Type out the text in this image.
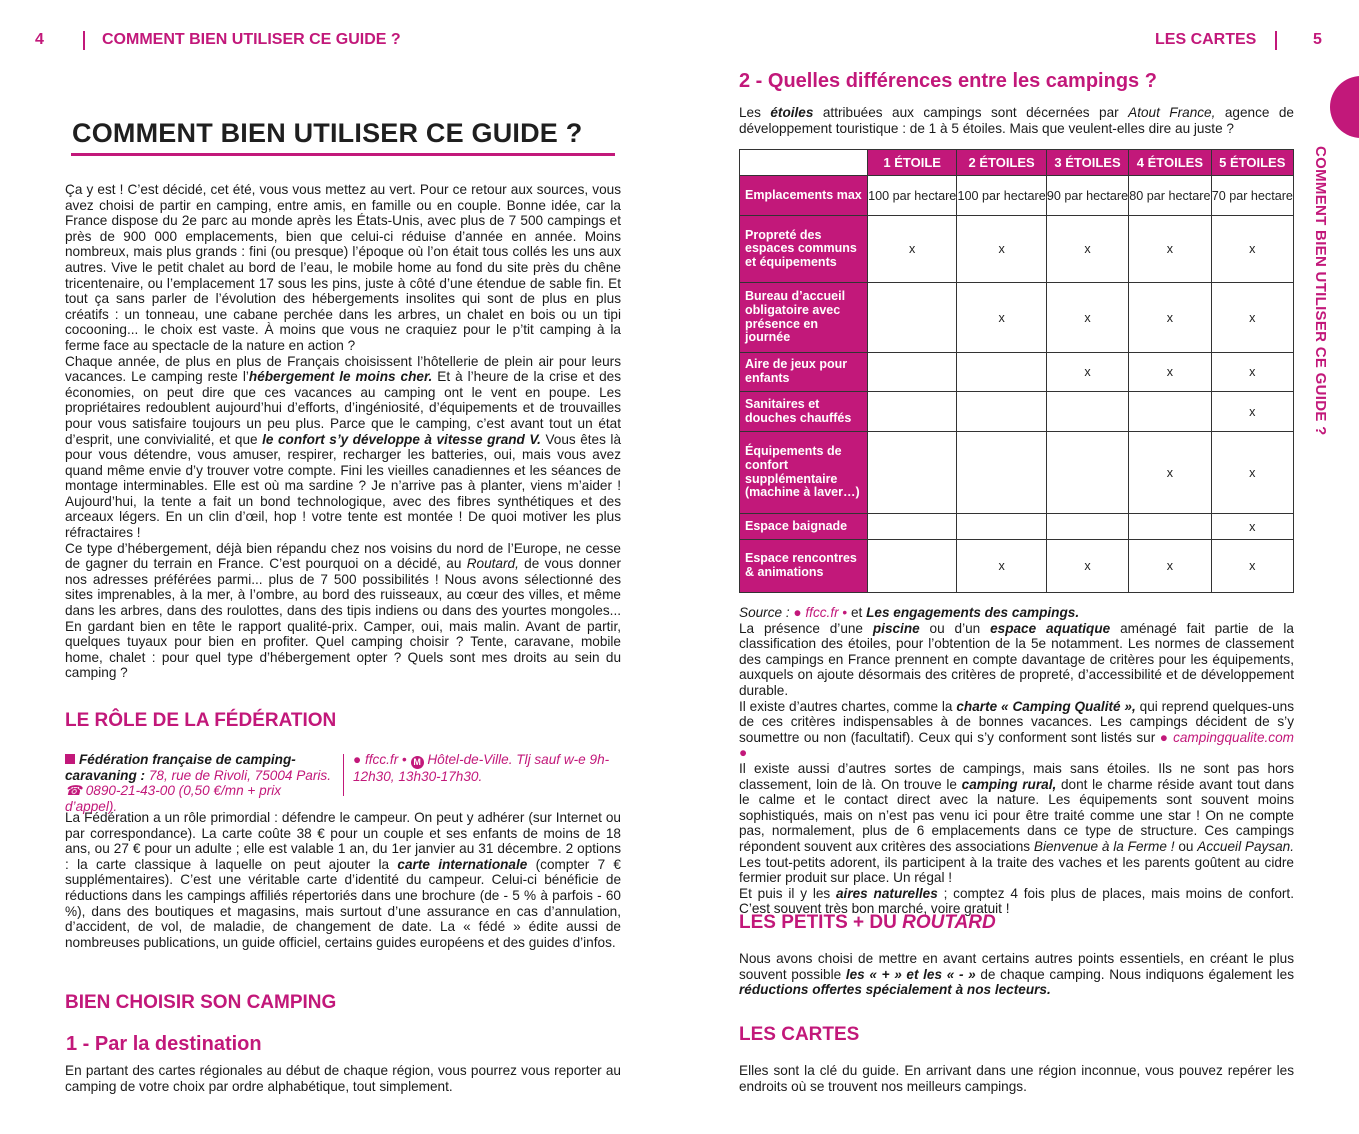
4	COMMENT BIEN UTILISER CE GUIDE ?	LES CARTES	5
COMMENT BIEN UTILISER CE GUIDE ?
COMMENT BIEN UTILISER CE GUIDE ?

Ça y est ! C’est décidé, cet été, vous vous mettez au vert. Pour ce retour aux sources, vous avez choisi de partir en camping, entre amis, en famille ou en couple. Bonne idée, car la France dispose du 2e parc au monde après les États-Unis, avec plus de 7 500 campings et près de 900 000 emplacements, bien que celui-ci réduise d’année en année. Moins nombreux, mais plus grands : fini (ou presque) l’époque où l’on était tous collés les uns aux autres. Vive le petit chalet au bord de l’eau, le mobile home au fond du site près du chêne tricentenaire, ou l’emplacement 17 sous les pins, juste à côté d’une étendue de sable fin. Et tout ça sans parler de l’évolution des hébergements insolites qui sont de plus en plus créatifs : un tonneau, une cabane perchée dans les arbres, un chalet en bois ou un tipi cocooning... le choix est vaste. À moins que vous ne craquiez pour le p’tit camping à la ferme face au spectacle de la nature en action ?

Chaque année, de plus en plus de Français choisissent l’hôtellerie de plein air pour leurs vacances. Le camping reste l’hébergement le moins cher. Et à l’heure de la crise et des économies, on peut dire que ces vacances au camping ont le vent en poupe. Les propriétaires redoublent aujourd’hui d’efforts, d’ingéniosité, d’équipements et de trouvailles pour vous satisfaire toujours un peu plus. Parce que le camping, c’est avant tout un état d’esprit, une convivialité, et que le confort s’y développe à vitesse grand V. Vous êtes là pour vous détendre, vous amuser, respirer, recharger les batteries, oui, mais vous avez quand même envie d’y trouver votre compte. Fini les vieilles canadiennes et les séances de montage interminables. Elle est où ma sardine ? Je n’arrive pas à planter, viens m’aider ! Aujourd’hui, la tente a fait un bond technologique, avec des fibres synthétiques et des arceaux légers. En un clin d’œil, hop ! votre tente est montée ! De quoi motiver les plus réfractaires !

Ce type d’hébergement, déjà bien répandu chez nos voisins du nord de l’Europe, ne cesse de gagner du terrain en France. C’est pourquoi on a décidé, au Routard, de vous donner nos adresses préférées parmi... plus de 7 500 possibilités ! Nous avons sélectionné des sites imprenables, à la mer, à l’ombre, au bord des ruisseaux, au cœur des villes, et même dans les arbres, dans des roulottes, dans des tipis indiens ou dans des yourtes mongoles... En gardant bien en tête le rapport qualité-prix. Camper, oui, mais malin. Avant de partir, quelques tuyaux pour bien en profiter. Quel camping choisir ? Tente, caravane, mobile home, chalet : pour quel type d’hébergement opter ? Quels sont mes droits au sein du camping ?

LE RÔLE DE LA FÉDÉRATION
Fédération française de camping-caravaning : 78, rue de Rivoli, 75004 Paris.
☎ 0890-21-43-00 (0,50 €/mn + prix d’appel).
● ffcc.fr • M Hôtel-de-Ville. Tlj sauf w-e 9h-12h30, 13h30-17h30.

La Fédération a un rôle primordial : défendre le campeur. On peut y adhérer (sur Internet ou par correspondance). La carte coûte 38 € pour un couple et ses enfants de moins de 18 ans, ou 27 € pour un adulte ; elle est valable 1 an, du 1er janvier au 31 décembre. 2 options : la carte classique à laquelle on peut ajouter la carte internationale (compter 7 € supplémentaires). C’est une véritable carte d’identité du campeur. Celui-ci bénéficie de réductions dans les campings affiliés répertoriés dans une brochure (de - 5 % à parfois - 60 %), dans des boutiques et magasins, mais surtout d’une assurance en cas d’annulation, d’accident, de vol, de maladie, de changement de date. La « fédé » édite aussi de nombreuses publications, un guide officiel, certains guides européens et des guides d’infos.

BIEN CHOISIR SON CAMPING
1 - Par la destination
En partant des cartes régionales au début de chaque région, vous pourrez vous reporter au camping de votre choix par ordre alphabétique, tout simplement.
2 - Quelles différences entre les campings ?
Les étoiles attribuées aux campings sont décernées par Atout France, agence de développement touristique : de 1 à 5 étoiles. Mais que veulent-elles dire au juste ?
	1 ÉTOILE	2 ÉTOILES	3 ÉTOILES	4 ÉTOILES	5 ÉTOILES
Emplacements max	100 par hectare	100 par hectare	90 par hectare	80 par hectare	70 par hectare
Propreté des espaces communs et équipements	x	x	x	x	x
Bureau d’accueil obligatoire avec présence en journée		x	x	x	x
Aire de jeux pour enfants			x	x	x
Sanitaires et douches chauffés					x
Équipements de confort supplémentaire (machine à laver…)				x	x
Espace baignade					x
Espace rencontres & animations		x	x	x	x

Source : ● ffcc.fr • et Les engagements des campings.

La présence d’une piscine ou d’un espace aquatique aménagé fait partie de la classification des étoiles, pour l’obtention de la 5e notamment. Les normes de classement des campings en France prennent en compte davantage de critères pour les équipements, auxquels on ajoute désormais des critères de propreté, d’accessibilité et de développement durable.

Il existe d’autres chartes, comme la charte « Camping Qualité », qui reprend quelques-uns de ces critères indispensables à de bonnes vacances. Les campings décident de s’y soumettre ou non (facultatif). Ceux qui s’y conforment sont listés sur ● campingqualite.com ●

Il existe aussi d’autres sortes de campings, mais sans étoiles. Ils ne sont pas hors classement, loin de là. On trouve le camping rural, dont le charme réside avant tout dans le calme et le contact direct avec la nature. Les équipements sont souvent moins sophistiqués, mais on n’est pas venu ici pour être traité comme une star ! On ne compte pas, normalement, plus de 6 emplacements dans ce type de structure. Ces campings répondent souvent aux critères des associations Bienvenue à la Ferme ! ou Accueil Paysan. Les tout-petits adorent, ils participent à la traite des vaches et les parents goûtent au cidre fermier produit sur place. Un régal !

Et puis il y les aires naturelles ; comptez 4 fois plus de places, mais moins de confort. C’est souvent très bon marché, voire gratuit !

LES PETITS + DU ROUTARD
Nous avons choisi de mettre en avant certains autres points essentiels, en créant le plus souvent possible les « + » et les « - » de chaque camping. Nous indiquons également les réductions offertes spécialement à nos lecteurs.
LES CARTES
Elles sont la clé du guide. En arrivant dans une région inconnue, vous pouvez repérer les endroits où se trouvent nos meilleurs campings.
